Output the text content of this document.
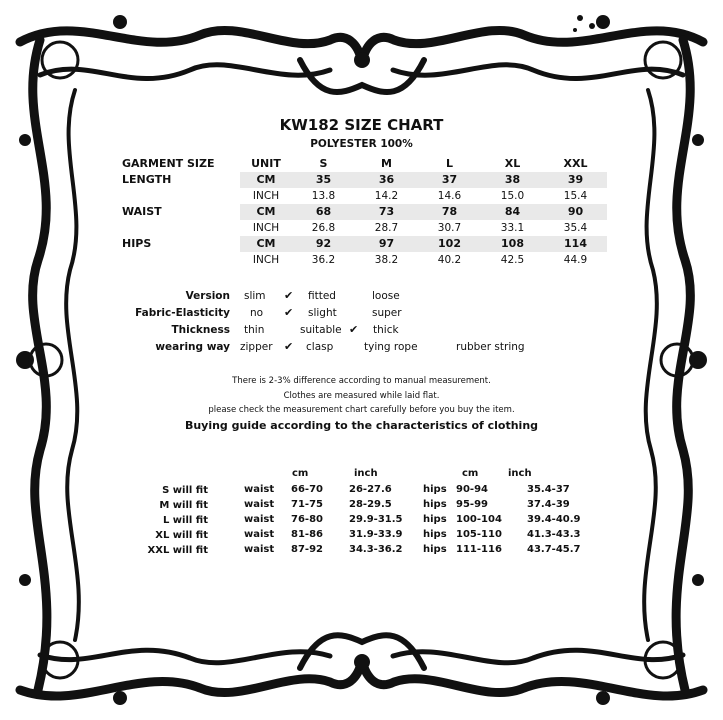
KW182 SIZE CHART
POLYESTER 100%
GARMENT SIZE	UNIT	S	M	L	XL	XXL
LENGTH	CM	35	36	37	38	39
	INCH	13.8	14.2	14.6	15.0	15.4
WAIST	CM	68	73	78	84	90
	INCH	26.8	28.7	30.7	33.1	35.4
HIPS	CM	92	97	102	108	114
	INCH	36.2	38.2	40.2	42.5	44.9
Version slim ✔ fitted	loose
Fabric-Elasticity no ✔ slight	super
Thickness thin	suitable ✔ thick
wearing way zipper ✔ clasp	tying rope	rubber string
There is 2-3% difference according to manual measurement.
Clothes are measured while laid flat.
please check the measurement chart carefully before you buy the item.
Buying guide according to the characteristics of clothing
cm	inch	cm	inch
S will fit	waist 66-70	26-27.6	hips 90-94	35.4-37
M will fit	waist 71-75	28-29.5	hips 95-99	37.4-39
L will fit	waist 76-80	29.9-31.5 hips 100-104	39.4-40.9
XL will fit	waist 81-86	31.9-33.9 hips 105-110	41.3-43.3
XXL will fit	waist 87-92	34.3-36.2 hips 111-116	43.7-45.7
